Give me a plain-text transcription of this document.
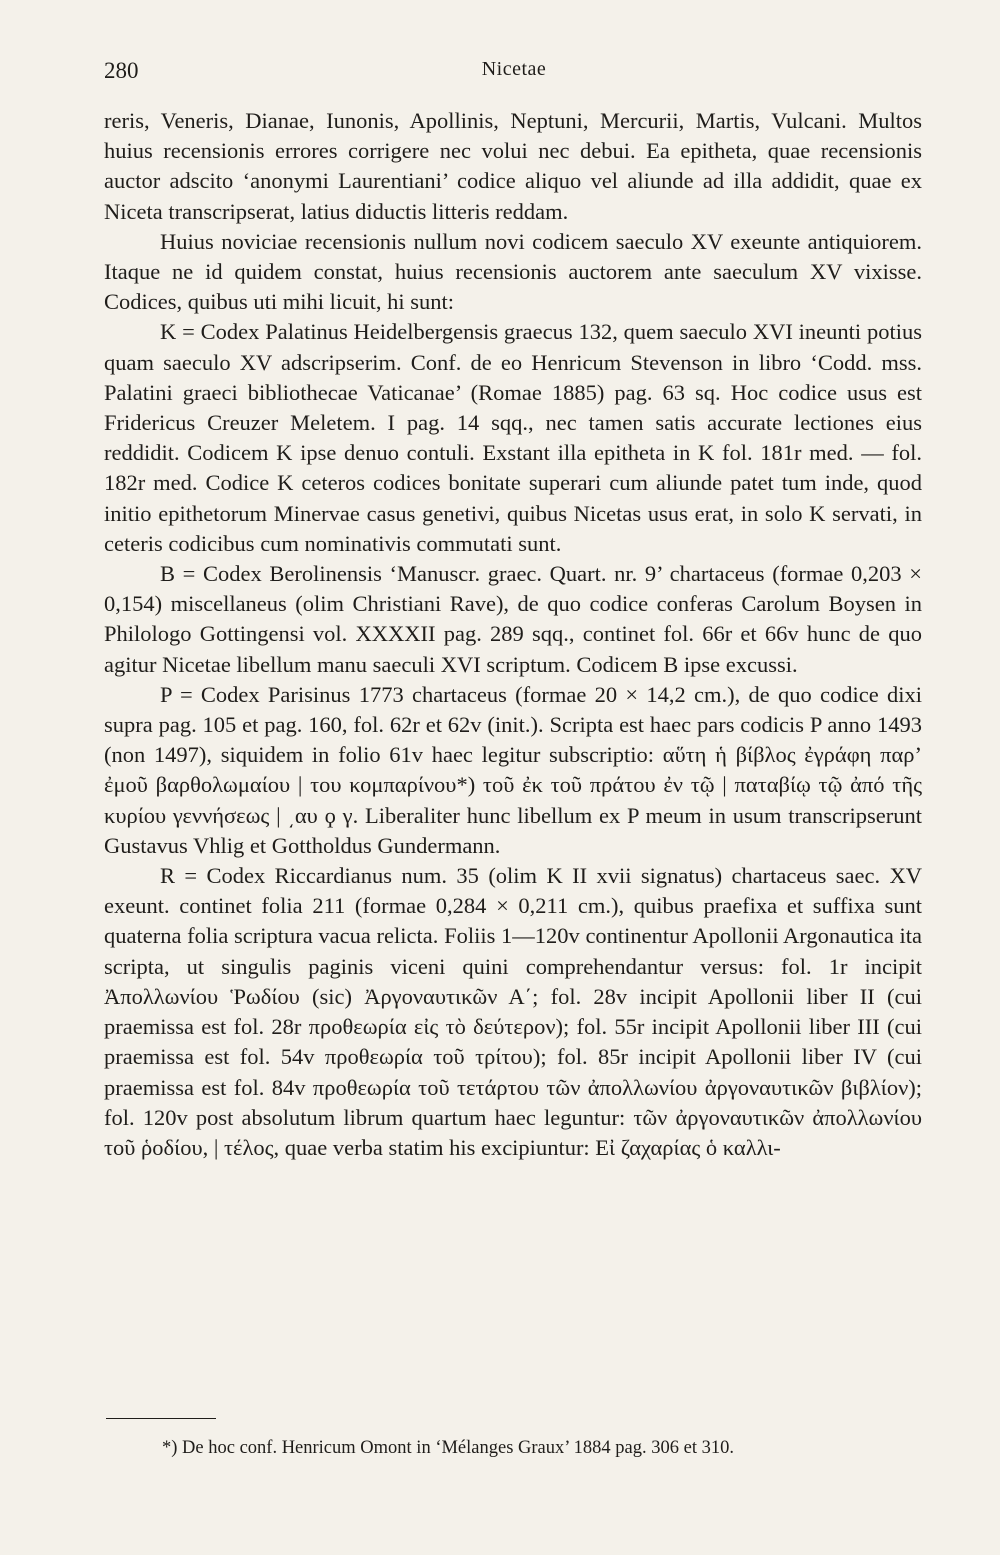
280	Nicetae

reris, Veneris, Dianae, Iunonis, Apollinis, Neptuni, Mercurii, Martis, Vulcani. Multos huius recensionis errores corrigere nec volui nec debui. Ea epitheta, quae recensionis auctor adscito ‘anonymi Laurentiani’ codice aliquo vel aliunde ad illa addidit, quae ex Niceta transcripserat, latius diductis litteris reddam.

Huius noviciae recensionis nullum novi codicem saeculo XV exeunte antiquiorem. Itaque ne id quidem constat, huius recensionis auctorem ante saeculum XV vixisse. Codices, quibus uti mihi licuit, hi sunt:

K = Codex Palatinus Heidelbergensis graecus 132, quem saeculo XVI ineunti potius quam saeculo XV adscripserim. Conf. de eo Henricum Stevenson in libro ‘Codd. mss. Palatini graeci bibliothecae Vaticanae’ (Romae 1885) pag. 63 sq. Hoc codice usus est Fridericus Creuzer Meletem. I pag. 14 sqq., nec tamen satis accurate lectiones eius reddidit. Codicem K ipse denuo contuli. Exstant illa epitheta in K fol. 181r med. — fol. 182r med. Codice K ceteros codices bonitate superari cum aliunde patet tum inde, quod initio epithetorum Minervae casus genetivi, quibus Nicetas usus erat, in solo K servati, in ceteris codicibus cum nominativis commutati sunt.

B = Codex Berolinensis ‘Manuscr. graec. Quart. nr. 9’ chartaceus (formae 0,203 × 0,154) miscellaneus (olim Christiani Rave), de quo codice conferas Carolum Boysen in Philologo Gottingensi vol. XXXXII pag. 289 sqq., continet fol. 66r et 66v hunc de quo agitur Nicetae libellum manu saeculi XVI scriptum. Codicem B ipse excussi.

P = Codex Parisinus 1773 chartaceus (formae 20 × 14,2 cm.), de quo codice dixi supra pag. 105 et pag. 160, fol. 62r et 62v (init.). Scripta est haec pars codicis P anno 1493 (non 1497), siquidem in folio 61v haec legitur subscriptio: αὕτη ἡ βίβλος ἐγράφη παρ’ ἐμοῦ βαρθολωμαίου | του κομπαρίνου*) τοῦ ἐκ τοῦ πράτου ἐν τῷ | παταβίῳ τῷ ἀπό τῆς κυρίου γεννήσεως | ͵αυ ϙ γ. Liberaliter hunc libellum ex P meum in usum transcripserunt Gustavus Vhlig et Gottholdus Gundermann.

R = Codex Riccardianus num. 35 (olim K II xvii signatus) chartaceus saec. XV exeunt. continet folia 211 (formae 0,284 × 0,211 cm.), quibus praefixa et suffixa sunt quaterna folia scriptura vacua relicta. Foliis 1—120v continentur Apollonii Argonautica ita scripta, ut singulis paginis viceni quini comprehendantur versus: fol. 1r incipit Ἀπολλωνίου Ῥωδίου (sic) Ἀργοναυτικῶν Α΄; fol. 28v incipit Apollonii liber II (cui praemissa est fol. 28r προθεωρία εἰς τὸ δεύτερον); fol. 55r incipit Apollonii liber III (cui praemissa est fol. 54v προθεωρία τοῦ τρίτου); fol. 85r incipit Apollonii liber IV (cui praemissa est fol. 84v προθεωρία τοῦ τετάρτου τῶν ἀπολλωνίου ἀργοναυτικῶν βιβλίον); fol. 120v post absolutum librum quartum haec leguntur: τῶν ἀργοναυτικῶν ἀπολλωνίου τοῦ ῥοδίου, | τέλος, quae verba statim his excipiuntur: Εἰ ζαχαρίας ὁ καλλι-

*) De hoc conf. Henricum Omont in ‘Mélanges Graux’ 1884 pag. 306 et 310.
